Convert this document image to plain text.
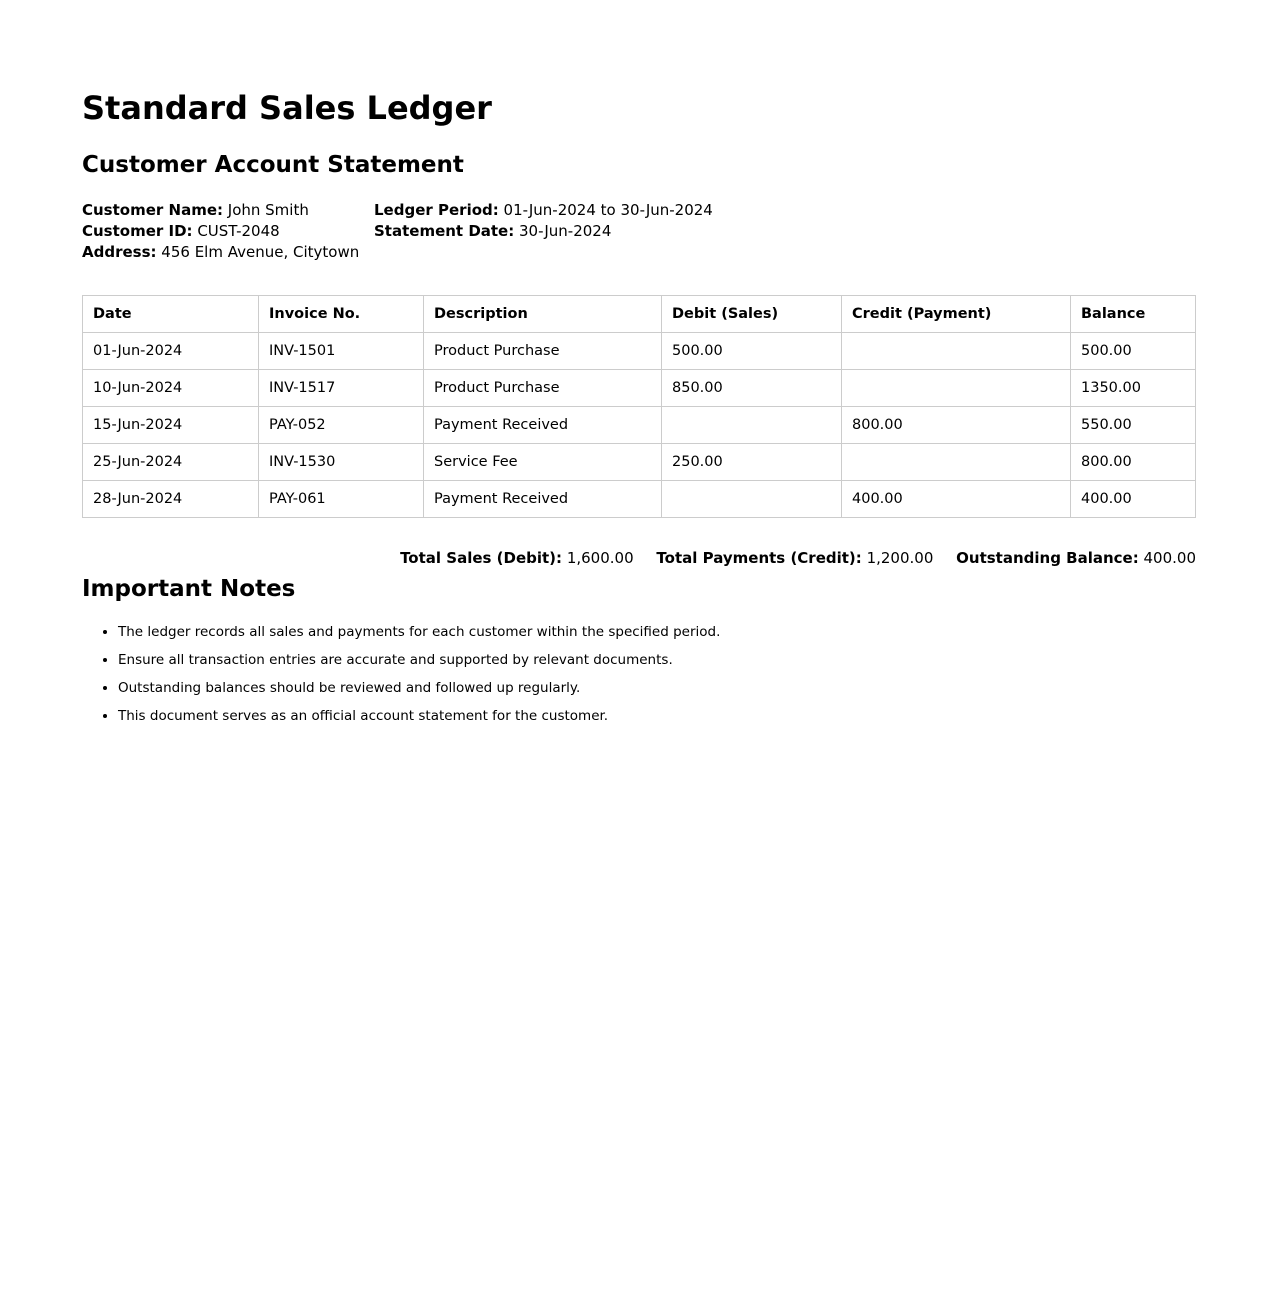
Standard Sales Ledger
Customer Account Statement
Customer Name: John Smith
Customer ID: CUST-2048
Address: 456 Elm Avenue, Citytown
Ledger Period: 01-Jun-2024 to 30-Jun-2024
Statement Date: 30-Jun-2024
Date	Invoice No.	Description	Debit (Sales)	Credit (Payment)	Balance
01-Jun-2024	INV-1501	Product Purchase	500.00		500.00
10-Jun-2024	INV-1517	Product Purchase	850.00		1350.00
15-Jun-2024	PAY-052	Payment Received		800.00	550.00
25-Jun-2024	INV-1530	Service Fee	250.00		800.00
28-Jun-2024	PAY-061	Payment Received		400.00	400.00
Total Sales (Debit): 1,600.00 Total Payments (Credit): 1,200.00 Outstanding Balance: 400.00
Important Notes
• The ledger records all sales and payments for each customer within the specified period.
• Ensure all transaction entries are accurate and supported by relevant documents.
• Outstanding balances should be reviewed and followed up regularly.
• This document serves as an official account statement for the customer.
